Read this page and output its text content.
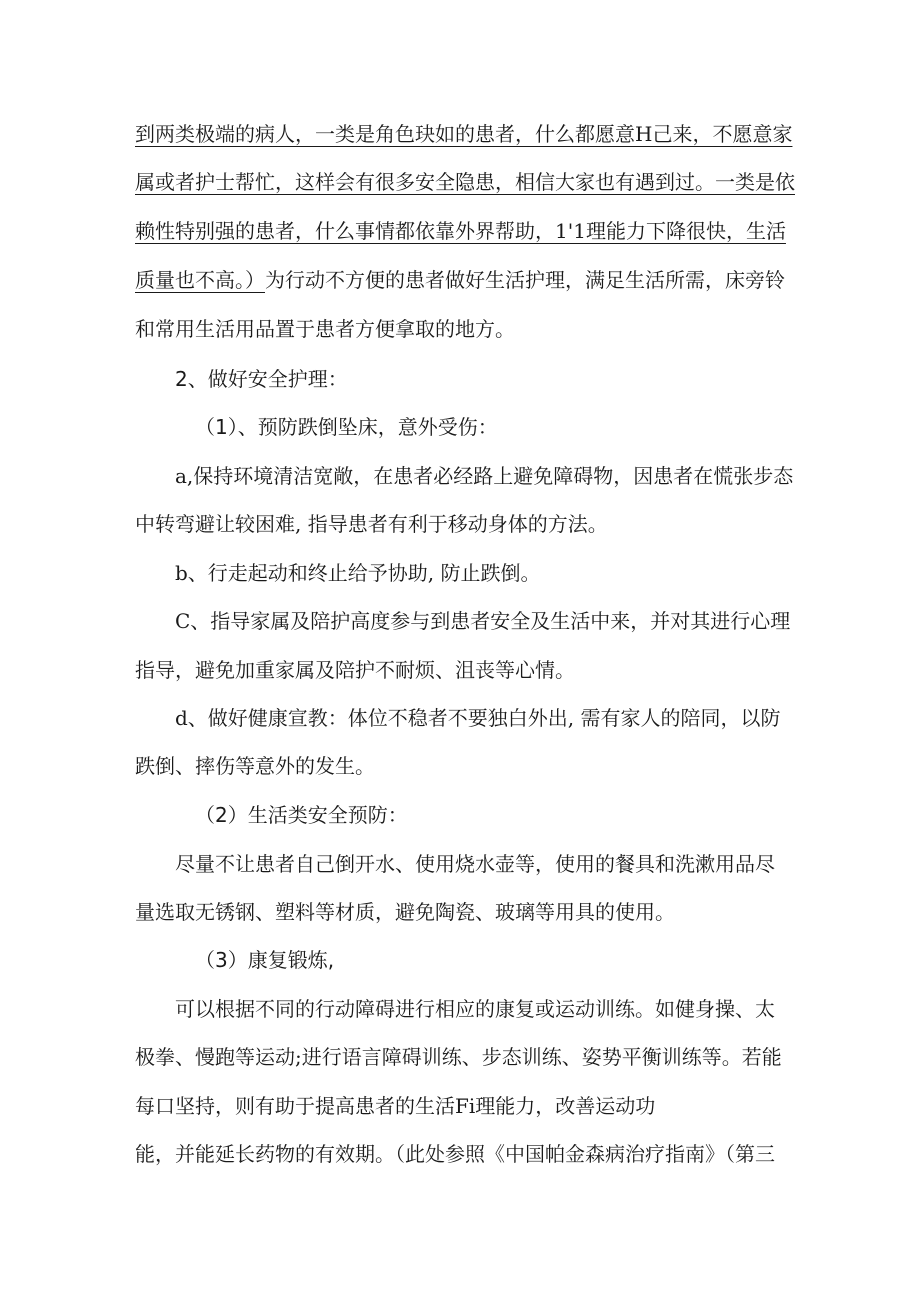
到两类极端的病人，一类是角色玦如的患者，什么都愿意H己来，不愿意家
属或者护士帮忙，这样会有很多安全隐患，相信大家也有遇到过。一类是依
赖性特别强的患者，什么事情都依靠外界帮助，1'1理能力下降很快，生活
质量也不高。）为行动不方便的患者做好生活护理，满足生活所需，床旁铃
和常用生活用品置于患者方便拿取的地方。
2、做好安全护理：
（1）、预防跌倒坠床，意外受伤：
a,保持环境清洁宽敞，在患者必经路上避免障碍物，因患者在慌张步态
中转弯避让较困难, 指导患者有利于移动身体的方法。
b、行走起动和终止给予协助, 防止跌倒。
C、指导家属及陪护高度参与到患者安全及生活中来，并对其进行心理
指导，避免加重家属及陪护不耐烦、沮丧等心情。
d、做好健康宣教：体位不稳者不要独白外出, 需有家人的陪同，以防
跌倒、摔伤等意外的发生。
（2）生活类安全预防：
尽量不让患者自己倒开水、使用烧水壶等，使用的餐具和洗漱用品尽
量选取无锈钢、塑料等材质，避免陶瓷、玻璃等用具的使用。
（3）康复锻炼,
可以根据不同的行动障碍进行相应的康复或运动训练。如健身操、太
极拳、慢跑等运动;进行语言障碍训练、步态训练、姿势平衡训练等。若能
每口坚持，则有助于提高患者的生活Fi理能力，改善运动功
能，并能延长药物的有效期。（此处参照《中国帕金森病治疗指南》（第三
